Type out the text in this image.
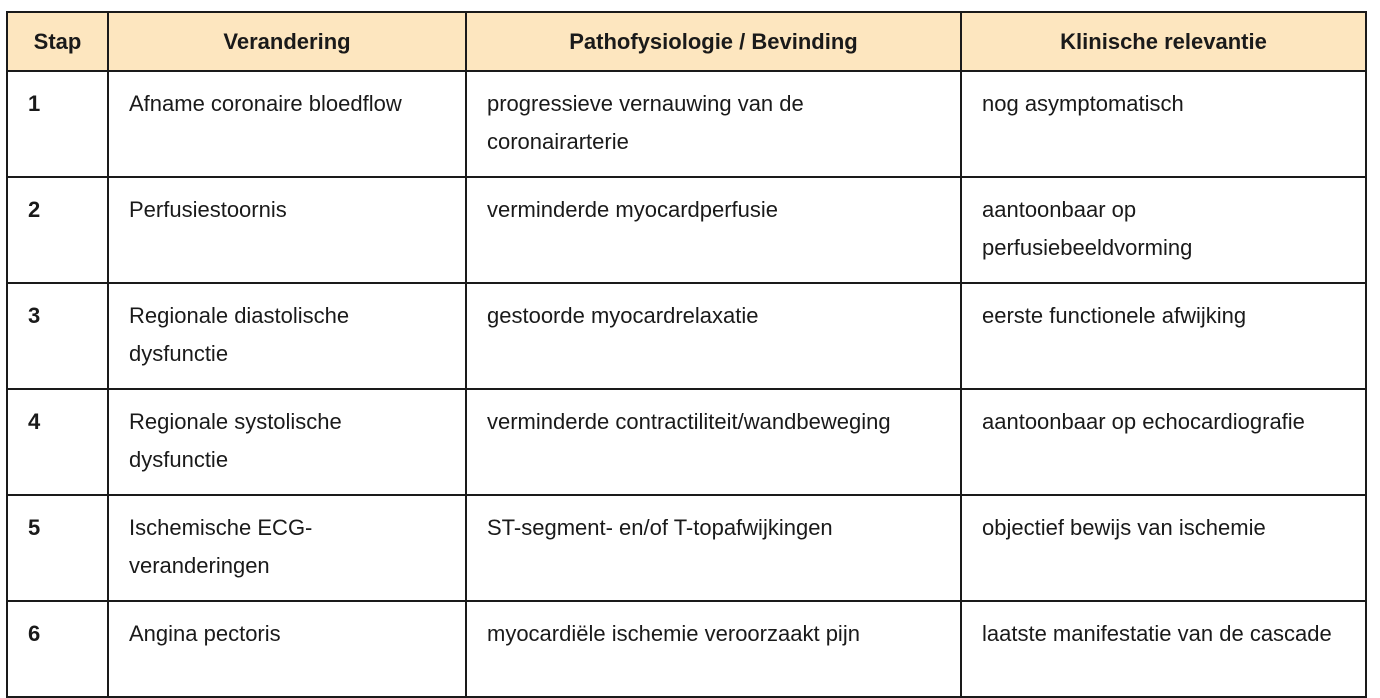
Stap	Verandering	Pathofysiologie / Bevinding	Klinische relevantie
1	Afname coronaire bloedflow	progressieve vernauwing van de coronairarterie	nog asymptomatisch
2	Perfusiestoornis	verminderde myocardperfusie	aantoonbaar op perfusiebeeldvorming
3	Regionale diastolische dysfunctie	gestoorde myocardrelaxatie	eerste functionele afwijking
4	Regionale systolische dysfunctie	verminderde contractiliteit/wandbeweging	aantoonbaar op echocardiografie
5	Ischemische ECG-veranderingen	ST-segment- en/of T-topafwijkingen	objectief bewijs van ischemie
6	Angina pectoris	myocardiële ischemie veroorzaakt pijn	laatste manifestatie van de cascade
